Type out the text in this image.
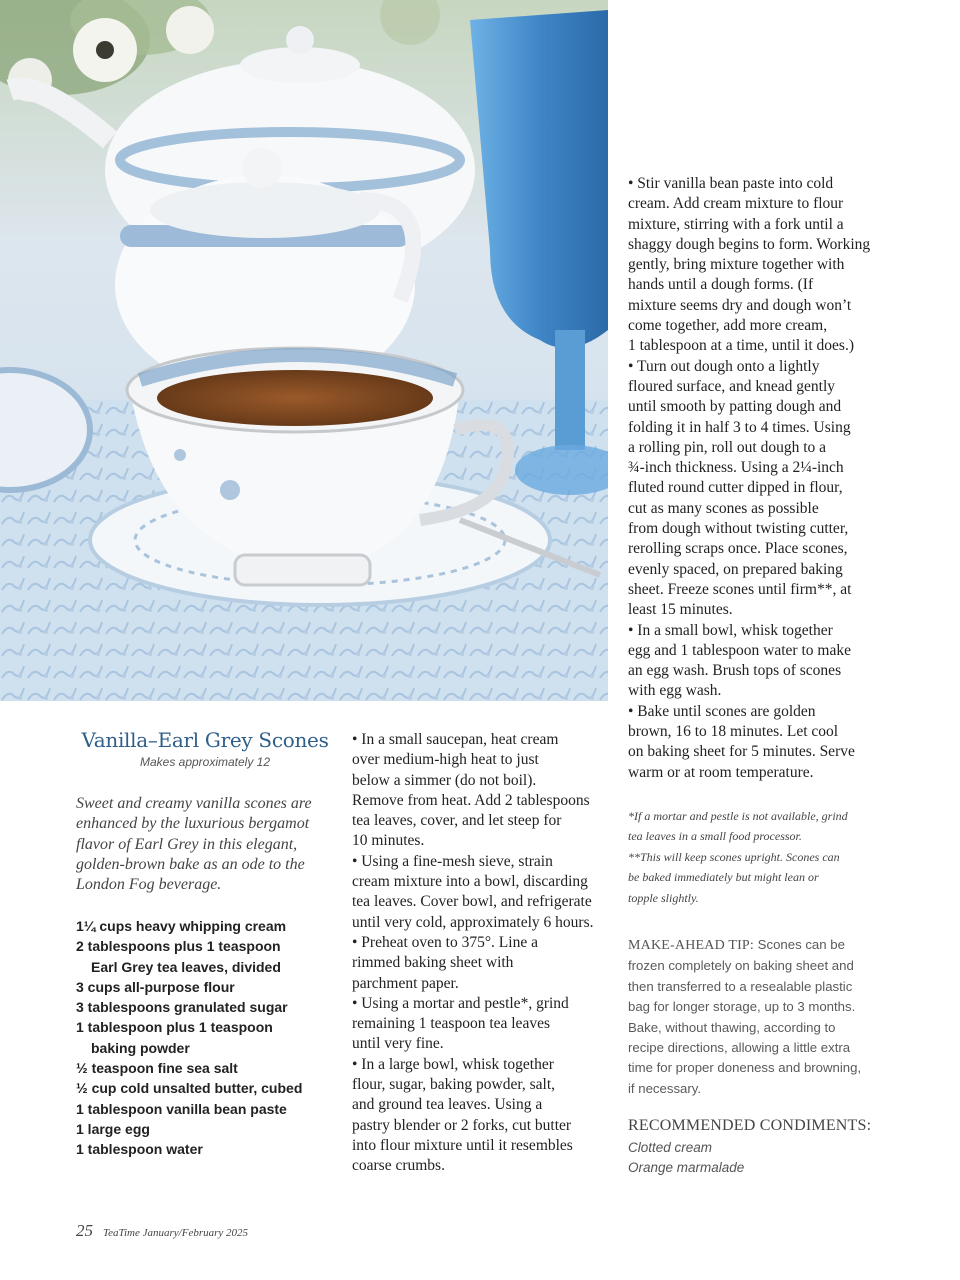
Vanilla–Earl Grey Scones
Makes approximately 12
Sweet and creamy vanilla scones are
enhanced by the luxurious bergamot
flavor of Earl Grey in this elegant,
golden-brown bake as an ode to the
London Fog beverage.
1¼ cups heavy whipping cream
2 tablespoons plus 1 teaspoon
Earl Grey tea leaves, divided
3 cups all-purpose flour
3 tablespoons granulated sugar
1 tablespoon plus 1 teaspoon
baking powder
½ teaspoon fine sea salt
½ cup cold unsalted butter, cubed
1 tablespoon vanilla bean paste
1 large egg
1 tablespoon water
• In a small saucepan, heat cream
over medium-high heat to just
below a simmer (do not boil).
Remove from heat. Add 2 tablespoons
tea leaves, cover, and let steep for
10 minutes.
• Using a fine-mesh sieve, strain
cream mixture into a bowl, discarding
tea leaves. Cover bowl, and refrigerate
until very cold, approximately 6 hours.
• Preheat oven to 375°. Line a
rimmed baking sheet with
parchment paper.
• Using a mortar and pestle*, grind
remaining 1 teaspoon tea leaves
until very fine.
• In a large bowl, whisk together
flour, sugar, baking powder, salt,
and ground tea leaves. Using a
pastry blender or 2 forks, cut butter
into flour mixture until it resembles
coarse crumbs.
• Stir vanilla bean paste into cold
cream. Add cream mixture to flour
mixture, stirring with a fork until a
shaggy dough begins to form. Working
gently, bring mixture together with
hands until a dough forms. (If
mixture seems dry and dough won’t
come together, add more cream,
1 tablespoon at a time, until it does.)
• Turn out dough onto a lightly
floured surface, and knead gently
until smooth by patting dough and
folding it in half 3 to 4 times. Using
a rolling pin, roll out dough to a
¾-inch thickness. Using a 2¼-inch
fluted round cutter dipped in flour,
cut as many scones as possible
from dough without twisting cutter,
rerolling scraps once. Place scones,
evenly spaced, on prepared baking
sheet. Freeze scones until firm**, at
least 15 minutes.
• In a small bowl, whisk together
egg and 1 tablespoon water to make
an egg wash. Brush tops of scones
with egg wash.
• Bake until scones are golden
brown, 16 to 18 minutes. Let cool
on baking sheet for 5 minutes. Serve
warm or at room temperature.
*If a mortar and pestle is not available, grind
tea leaves in a small food processor.
**This will keep scones upright. Scones can
be baked immediately but might lean or
topple slightly.
MAKE-AHEAD TIP: Scones can be
frozen completely on baking sheet and
then transferred to a resealable plastic
bag for longer storage, up to 3 months.
Bake, without thawing, according to
recipe directions, allowing a little extra
time for proper doneness and browning,
if necessary.
RECOMMENDED CONDIMENTS:
Clotted cream
Orange marmalade
25 TeaTime January/February 2025
